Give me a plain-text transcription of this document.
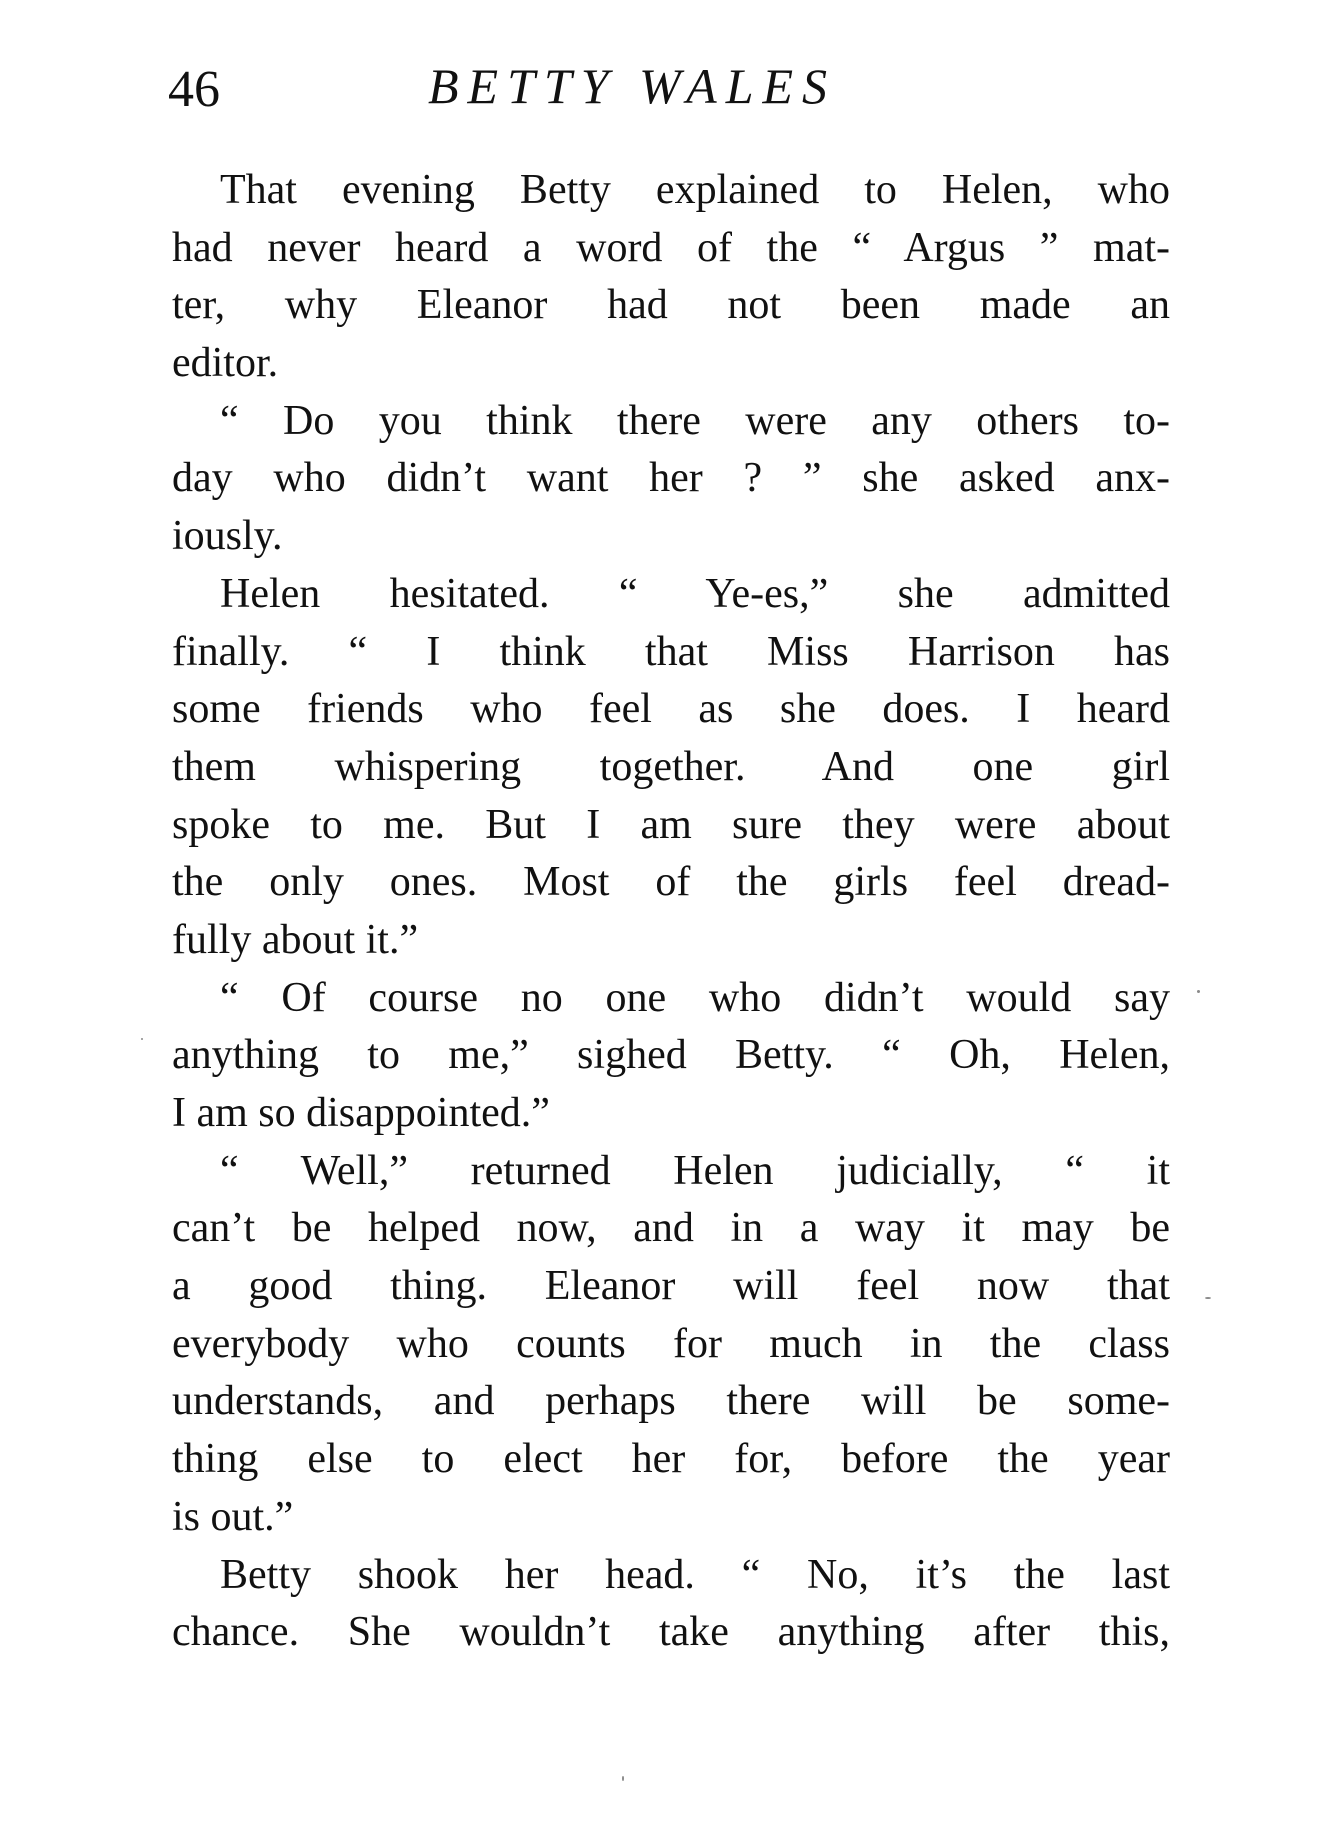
46	BETTY WALES
That evening Betty explained to Helen, who
had never heard a word of the “ Argus ” mat-
ter, why Eleanor had not been made an
editor.
“ Do you think there were any others to-
day who didn’t want her ? ” she asked anx-
iously.
Helen hesitated. “ Ye-es,” she admitted
finally. “ I think that Miss Harrison has
some friends who feel as she does. I heard
them whispering together. And one girl
spoke to me. But I am sure they were about
the only ones. Most of the girls feel dread-
fully about it.”
“ Of course no one who didn’t would say
anything to me,” sighed Betty. “ Oh, Helen,
I am so disappointed.”
“ Well,” returned Helen judicially, “ it
can’t be helped now, and in a way it may be
a good thing. Eleanor will feel now that
everybody who counts for much in the class
understands, and perhaps there will be some-
thing else to elect her for, before the year
is out.”
Betty shook her head. “ No, it’s the last
chance. She wouldn’t take anything after this,
